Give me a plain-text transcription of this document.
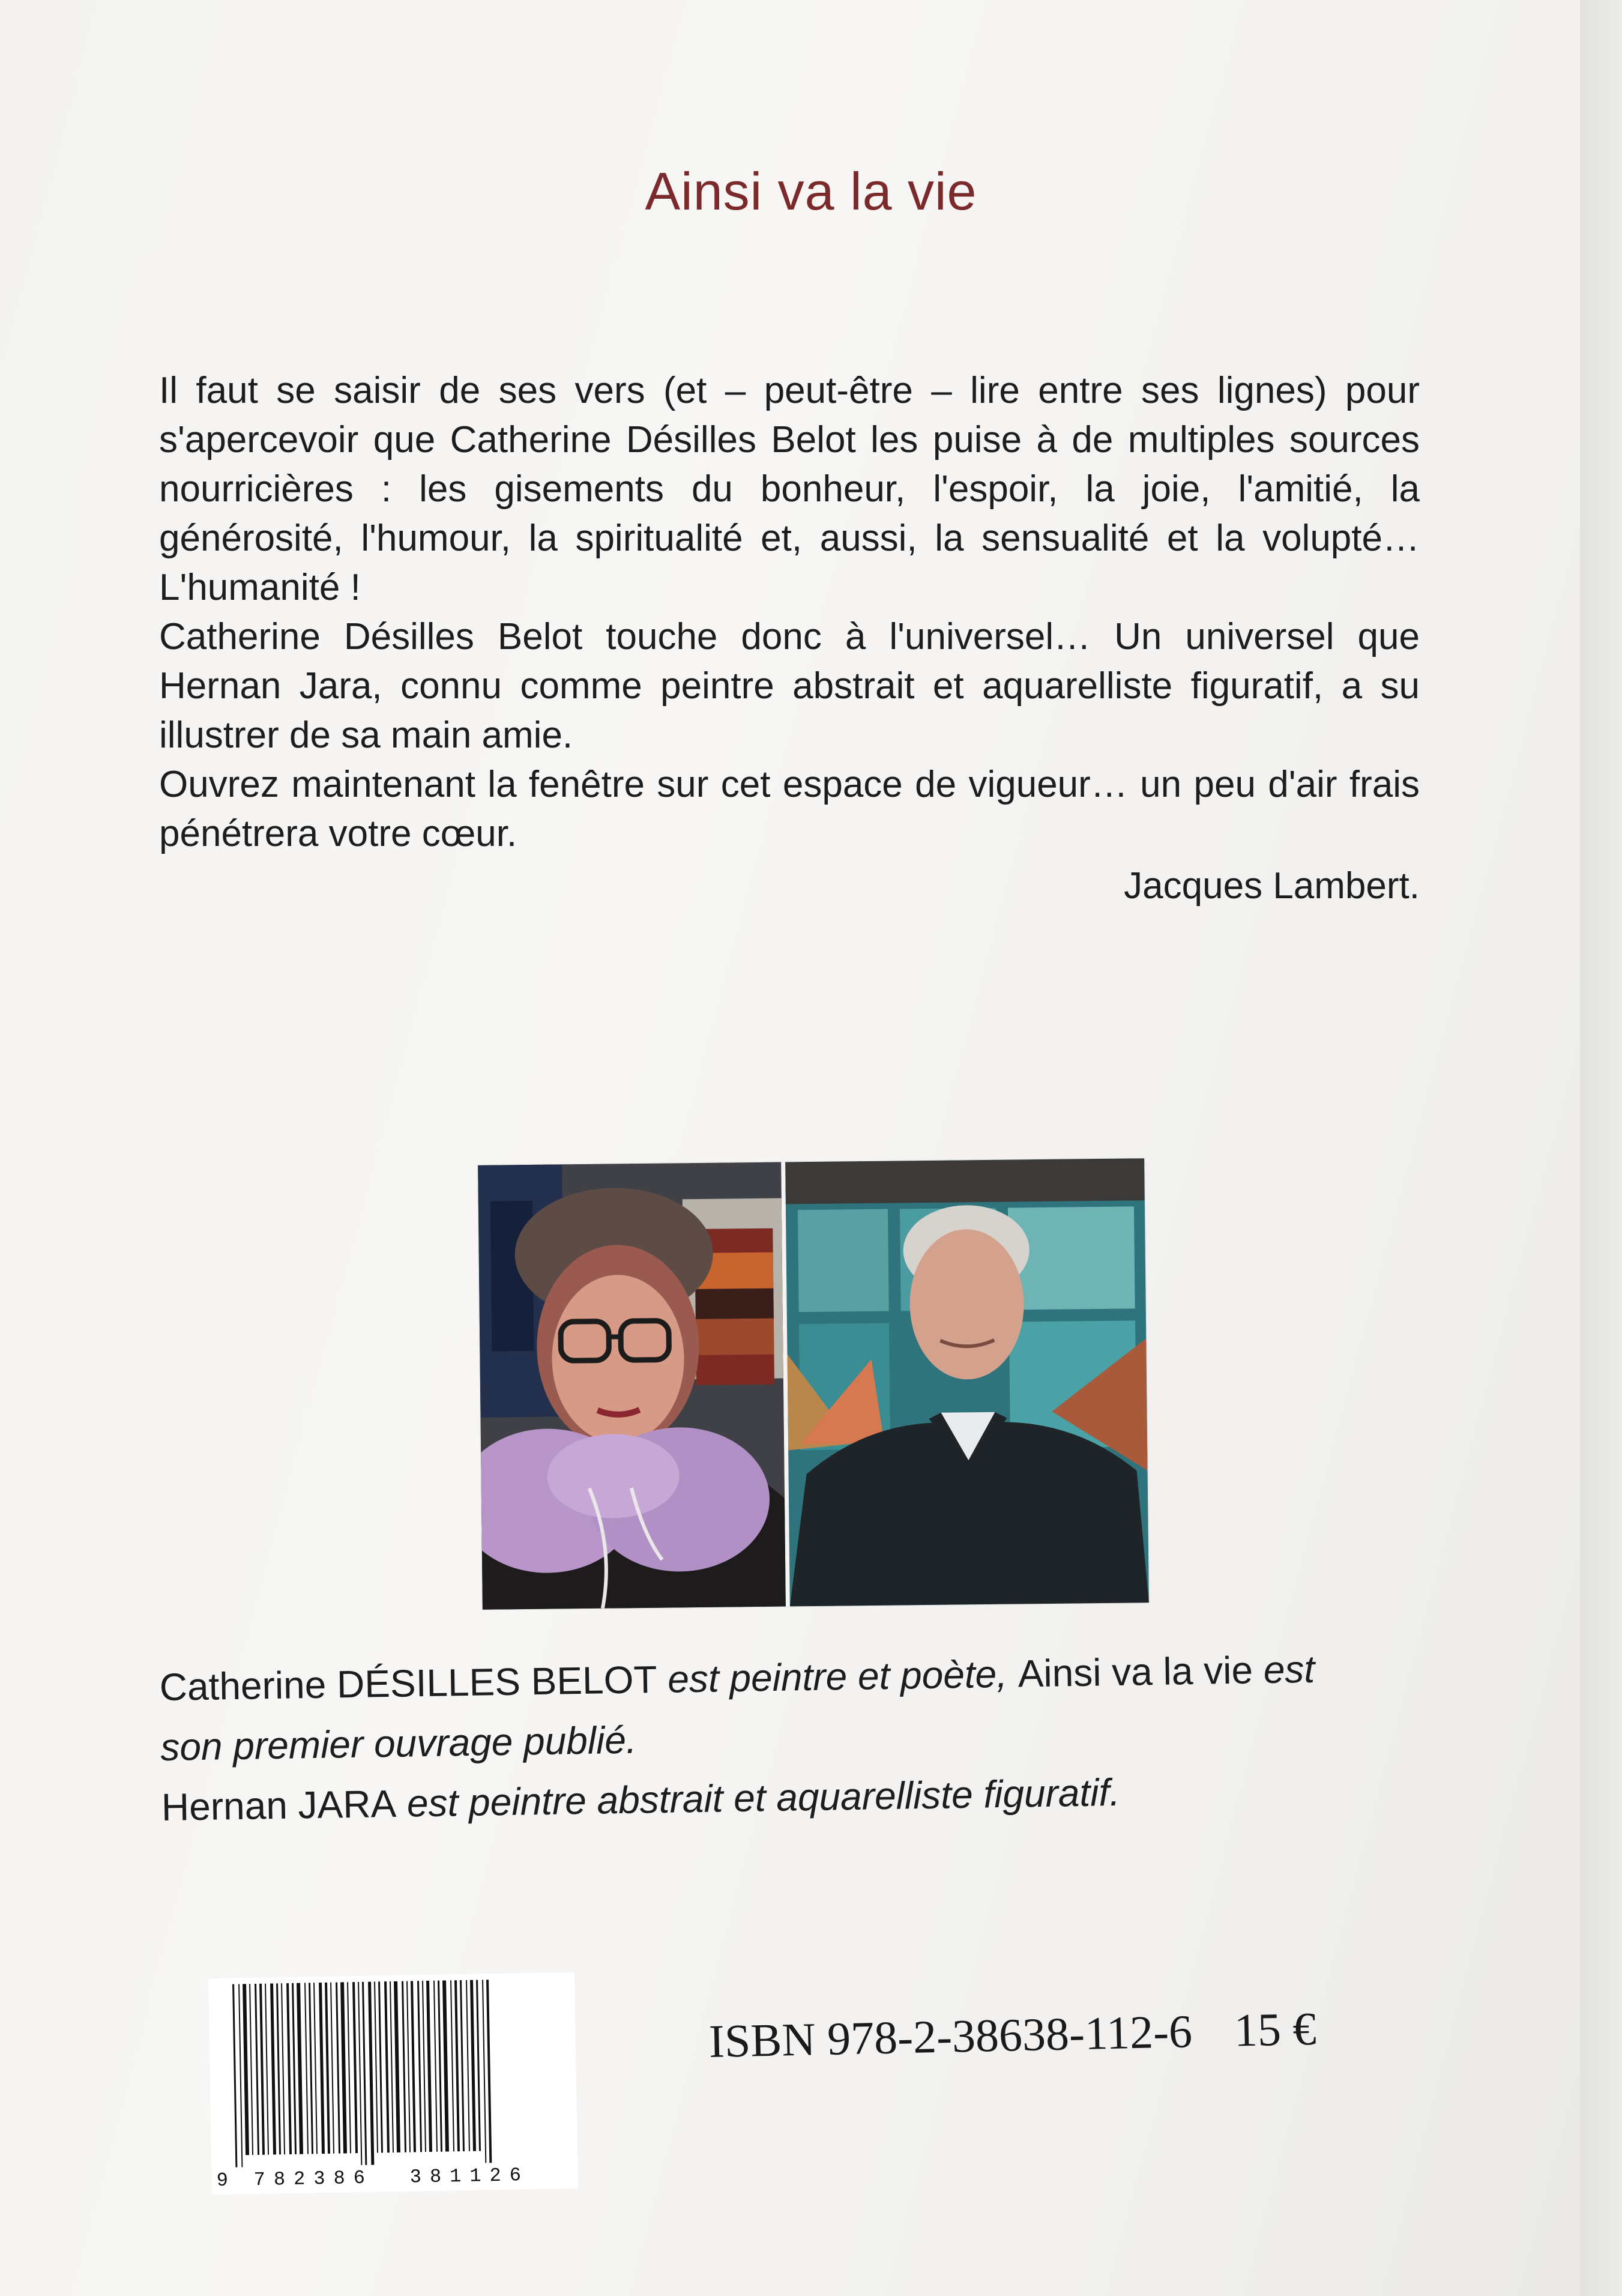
Ainsi va la vie

Il faut se saisir de ses vers (et – peut-être – lire entre ses lignes) pour s'apercevoir que Catherine Désilles Belot les puise à de multiples sources nourricières : les gisements du bonheur, l'espoir, la joie, l'amitié, la générosité, l'humour, la spiritualité et, aussi, la sensualité et la volupté… L'humanité !

Catherine Désilles Belot touche donc à l'universel… Un universel que Hernan Jara, connu comme peintre abstrait et aquarelliste figuratif, a su illustrer de sa main amie.

Ouvrez maintenant la fenêtre sur cet espace de vigueur… un peu d'air frais pénétrera votre cœur.

Jacques Lambert.
Catherine DÉSILLES BELOT est peintre et poète, Ainsi va la vie est
son premier ouvrage publié.
Hernan JARA est peintre abstrait et aquarelliste figuratif.
9 782386 381126
ISBN 978-2-38638-112-6 15 €
